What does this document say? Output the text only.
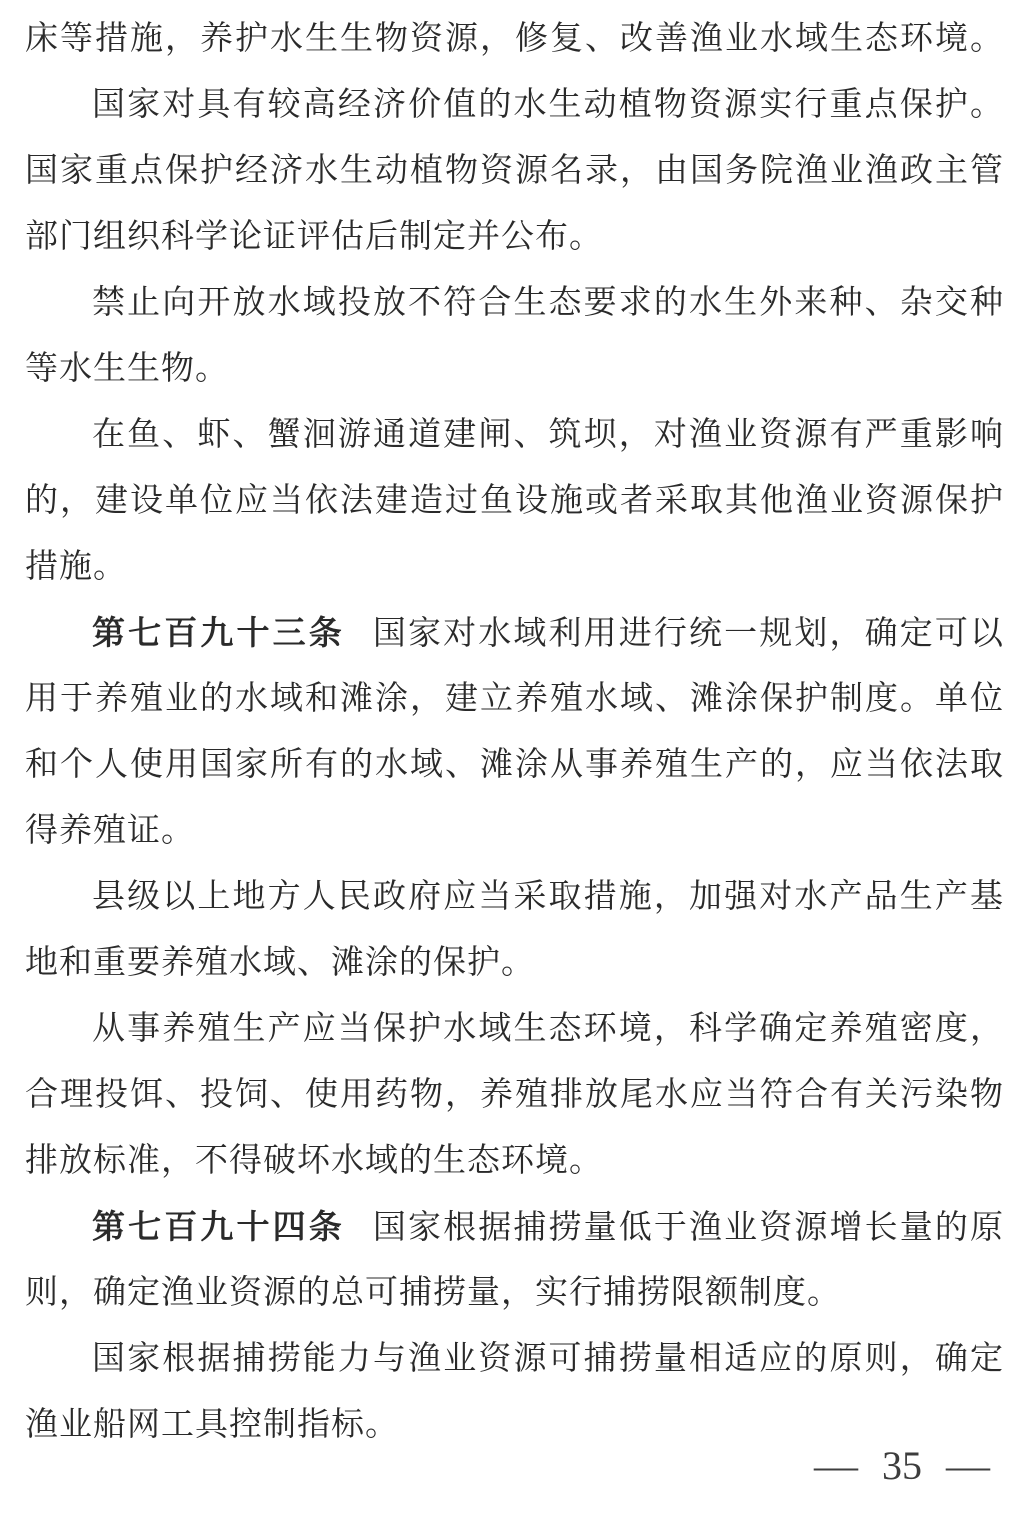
床等措施，养护水生生物资源，修复、改善渔业水域生态环境。
国家对具有较高经济价值的水生动植物资源实行重点保护。
国家重点保护经济水生动植物资源名录，由国务院渔业渔政主管
部门组织科学论证评估后制定并公布。
禁止向开放水域投放不符合生态要求的水生外来种、杂交种
等水生生物。
在鱼、虾、蟹洄游通道建闸、筑坝，对渔业资源有严重影响
的，建设单位应当依法建造过鱼设施或者采取其他渔业资源保护
措施。
第七百九十三条 国家对水域利用进行统一规划，确定可以
用于养殖业的水域和滩涂，建立养殖水域、滩涂保护制度。单位
和个人使用国家所有的水域、滩涂从事养殖生产的，应当依法取
得养殖证。
县级以上地方人民政府应当采取措施，加强对水产品生产基
地和重要养殖水域、滩涂的保护。
从事养殖生产应当保护水域生态环境，科学确定养殖密度，
合理投饵、投饲、使用药物，养殖排放尾水应当符合有关污染物
排放标准，不得破坏水域的生态环境。
第七百九十四条 国家根据捕捞量低于渔业资源增长量的原
则，确定渔业资源的总可捕捞量，实行捕捞限额制度。
国家根据捕捞能力与渔业资源可捕捞量相适应的原则，确定
渔业船网工具控制指标。
— 35 —
